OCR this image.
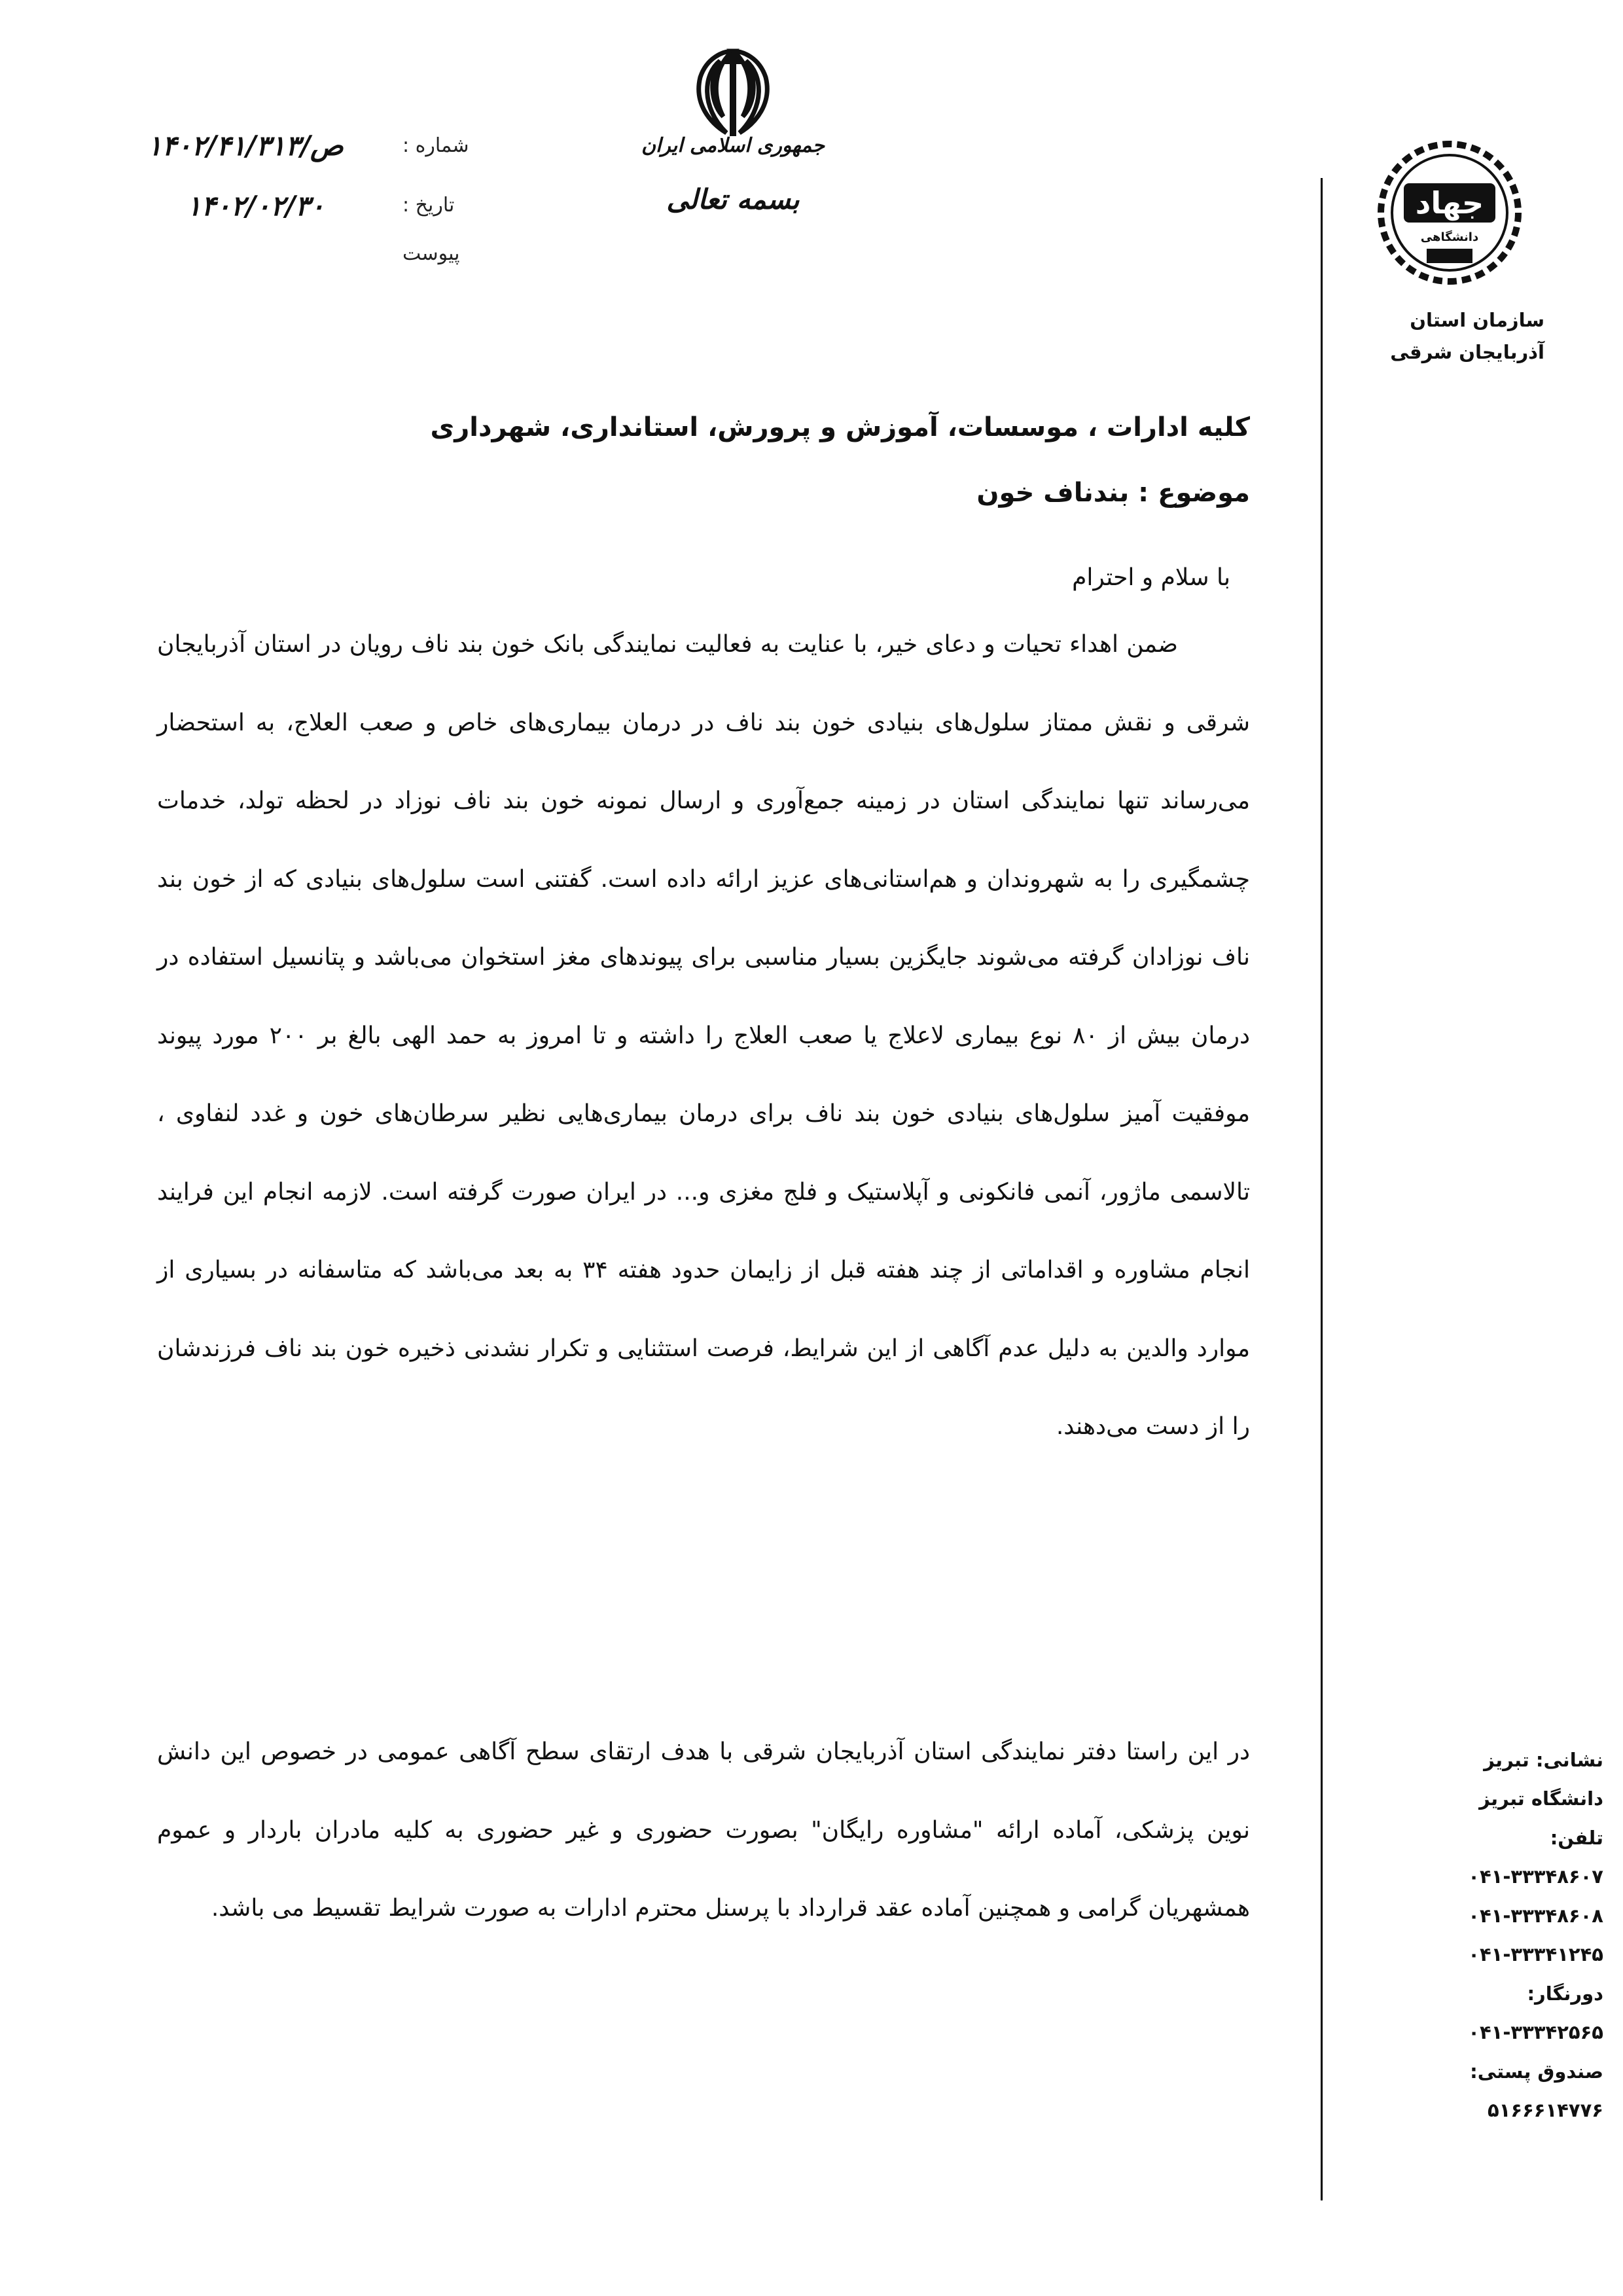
جمهوری اسلامی ایران
بسمه تعالی
شماره :
۱۴۰۲/۴۱/۳۱۳/ص
تاریخ :
۱۴۰۲/۰۲/۳۰
پیوست
جهاد
دانشگاهی
سازمان استان
آذربایجان شرقی
نشانی: تبریز
دانشگاه تبریز
تلفن:
۰۴۱-۳۳۳۴۸۶۰۷
۰۴۱-۳۳۳۴۸۶۰۸
۰۴۱-۳۳۳۴۱۲۴۵
دورنگار:
۰۴۱-۳۳۳۴۲۵۶۵
صندوق پستی:
۵۱۶۶۶۱۴۷۷۶
کلیه ادارات ، موسسات، آموزش و پرورش، استانداری، شهرداری
موضوع : بندناف خون
با سلام و احترام
ضمن اهداء تحیات و دعای خیر، با عنایت به فعالیت نمایندگی بانک خون بند ناف رویان در استان آذربایجان شرقی و نقش ممتاز سلول‌های بنیادی خون بند ناف در درمان بیماری‌های خاص و صعب العلاج، به استحضار می‌رساند تنها نمایندگی استان در زمینه جمع‌آوری و ارسال نمونه خون بند ناف نوزاد در لحظه تولد، خدمات چشمگیری را به شهروندان و هم‌استانی‌های عزیز ارائه داده است. گفتنی است سلول‌های بنیادی که از خون بند ناف نوزادان گرفته می‌شوند جایگزین بسیار مناسبی برای پیوندهای مغز استخوان می‌باشد و پتانسیل استفاده در درمان بیش از ۸۰ نوع بیماری لاعلاج یا صعب العلاج را داشته و تا امروز به حمد الهی بالغ بر ۲۰۰ مورد پیوند موفقیت آمیز سلول‌های بنیادی خون بند ناف برای درمان بیماری‌هایی نظیر سرطان‌های خون و غدد لنفاوی ، تالاسمی ماژور، آنمی فانکونی و آپلاستیک و فلج مغزی و... در ایران صورت گرفته است. لازمه انجام این فرایند انجام مشاوره و اقداماتی از چند هفته قبل از زایمان حدود هفته ۳۴ به بعد می‌باشد که متاسفانه در بسیاری از موارد والدین به دلیل عدم آگاهی از این شرایط، فرصت استثنایی و تکرار نشدنی ذخیره خون بند ناف فرزندشان را از دست می‌دهند.
در این راستا دفتر نمایندگی استان آذربایجان شرقی با هدف ارتقای سطح آگاهی عمومی در خصوص این دانش نوین پزشکی، آماده ارائه "مشاوره رایگان" بصورت حضوری و غیر حضوری به کلیه مادران باردار و عموم همشهریان گرامی و همچنین آماده عقد قرارداد با پرسنل محترم ادارات به صورت شرایط تقسیط می باشد.
